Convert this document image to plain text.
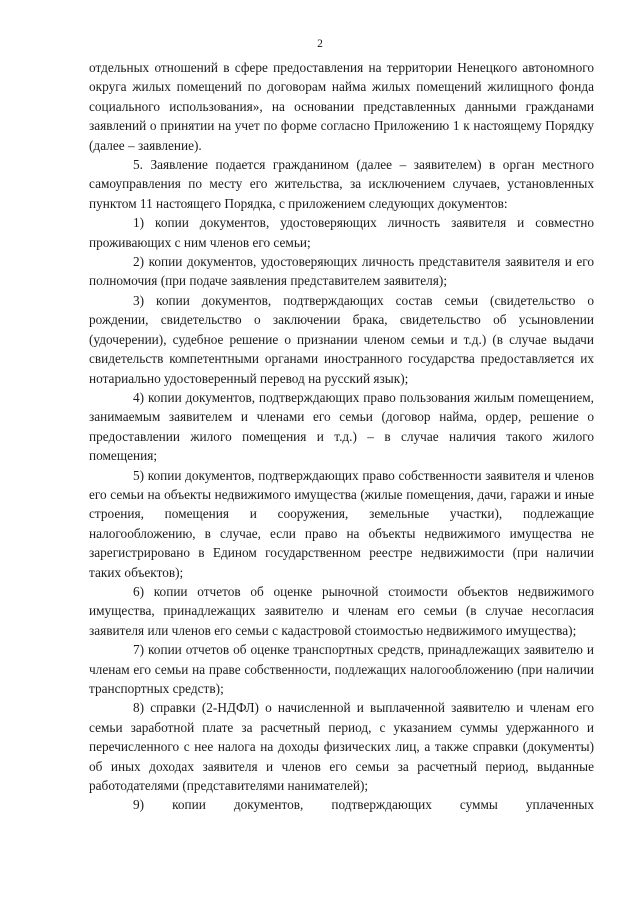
2

отдельных отношений в сфере предоставления на территории Ненецкого автономного округа жилых помещений по договорам найма жилых помещений жилищного фонда социального использования», на основании представленных данными гражданами заявлений о принятии на учет по форме согласно Приложению 1 к настоящему Порядку (далее – заявление).

5. Заявление подается гражданином (далее – заявителем) в орган местного самоуправления по месту его жительства, за исключением случаев, установленных пунктом 11 настоящего Порядка, с приложением следующих документов:

1) копии документов, удостоверяющих личность заявителя и совместно проживающих с ним членов его семьи;

2) копии документов, удостоверяющих личность представителя заявителя и его полномочия (при подаче заявления представителем заявителя);

3) копии документов, подтверждающих состав семьи (свидетельство о рождении, свидетельство о заключении брака, свидетельство об усыновлении (удочерении), судебное решение о признании членом семьи и т.д.) (в случае выдачи свидетельств компетентными органами иностранного государства предоставляется их нотариально удостоверенный перевод на русский язык);

4) копии документов, подтверждающих право пользования жилым помещением, занимаемым заявителем и членами его семьи (договор найма, ордер, решение о предоставлении жилого помещения и т.д.) – в случае наличия такого жилого помещения;

5) копии документов, подтверждающих право собственности заявителя и членов его семьи на объекты недвижимого имущества (жилые помещения, дачи, гаражи и иные строения, помещения и сооружения, земельные участки), подлежащие налогообложению, в случае, если право на объекты недвижимого имущества не зарегистрировано в Едином государственном реестре недвижимости (при наличии таких объектов);

6) копии отчетов об оценке рыночной стоимости объектов недвижимого имущества, принадлежащих заявителю и членам его семьи (в случае несогласия заявителя или членов его семьи с кадастровой стоимостью недвижимого имущества);

7) копии отчетов об оценке транспортных средств, принадлежащих заявителю и членам его семьи на праве собственности, подлежащих налогообложению (при наличии транспортных средств);

8) справки (2-НДФЛ) о начисленной и выплаченной заявителю и членам его семьи заработной плате за расчетный период, с указанием суммы удержанного и перечисленного с нее налога на доходы физических лиц, а также справки (документы) об иных доходах заявителя и членов его семьи за расчетный период, выданные работодателями (представителями нанимателей);

9) копии документов, подтверждающих суммы уплаченных
